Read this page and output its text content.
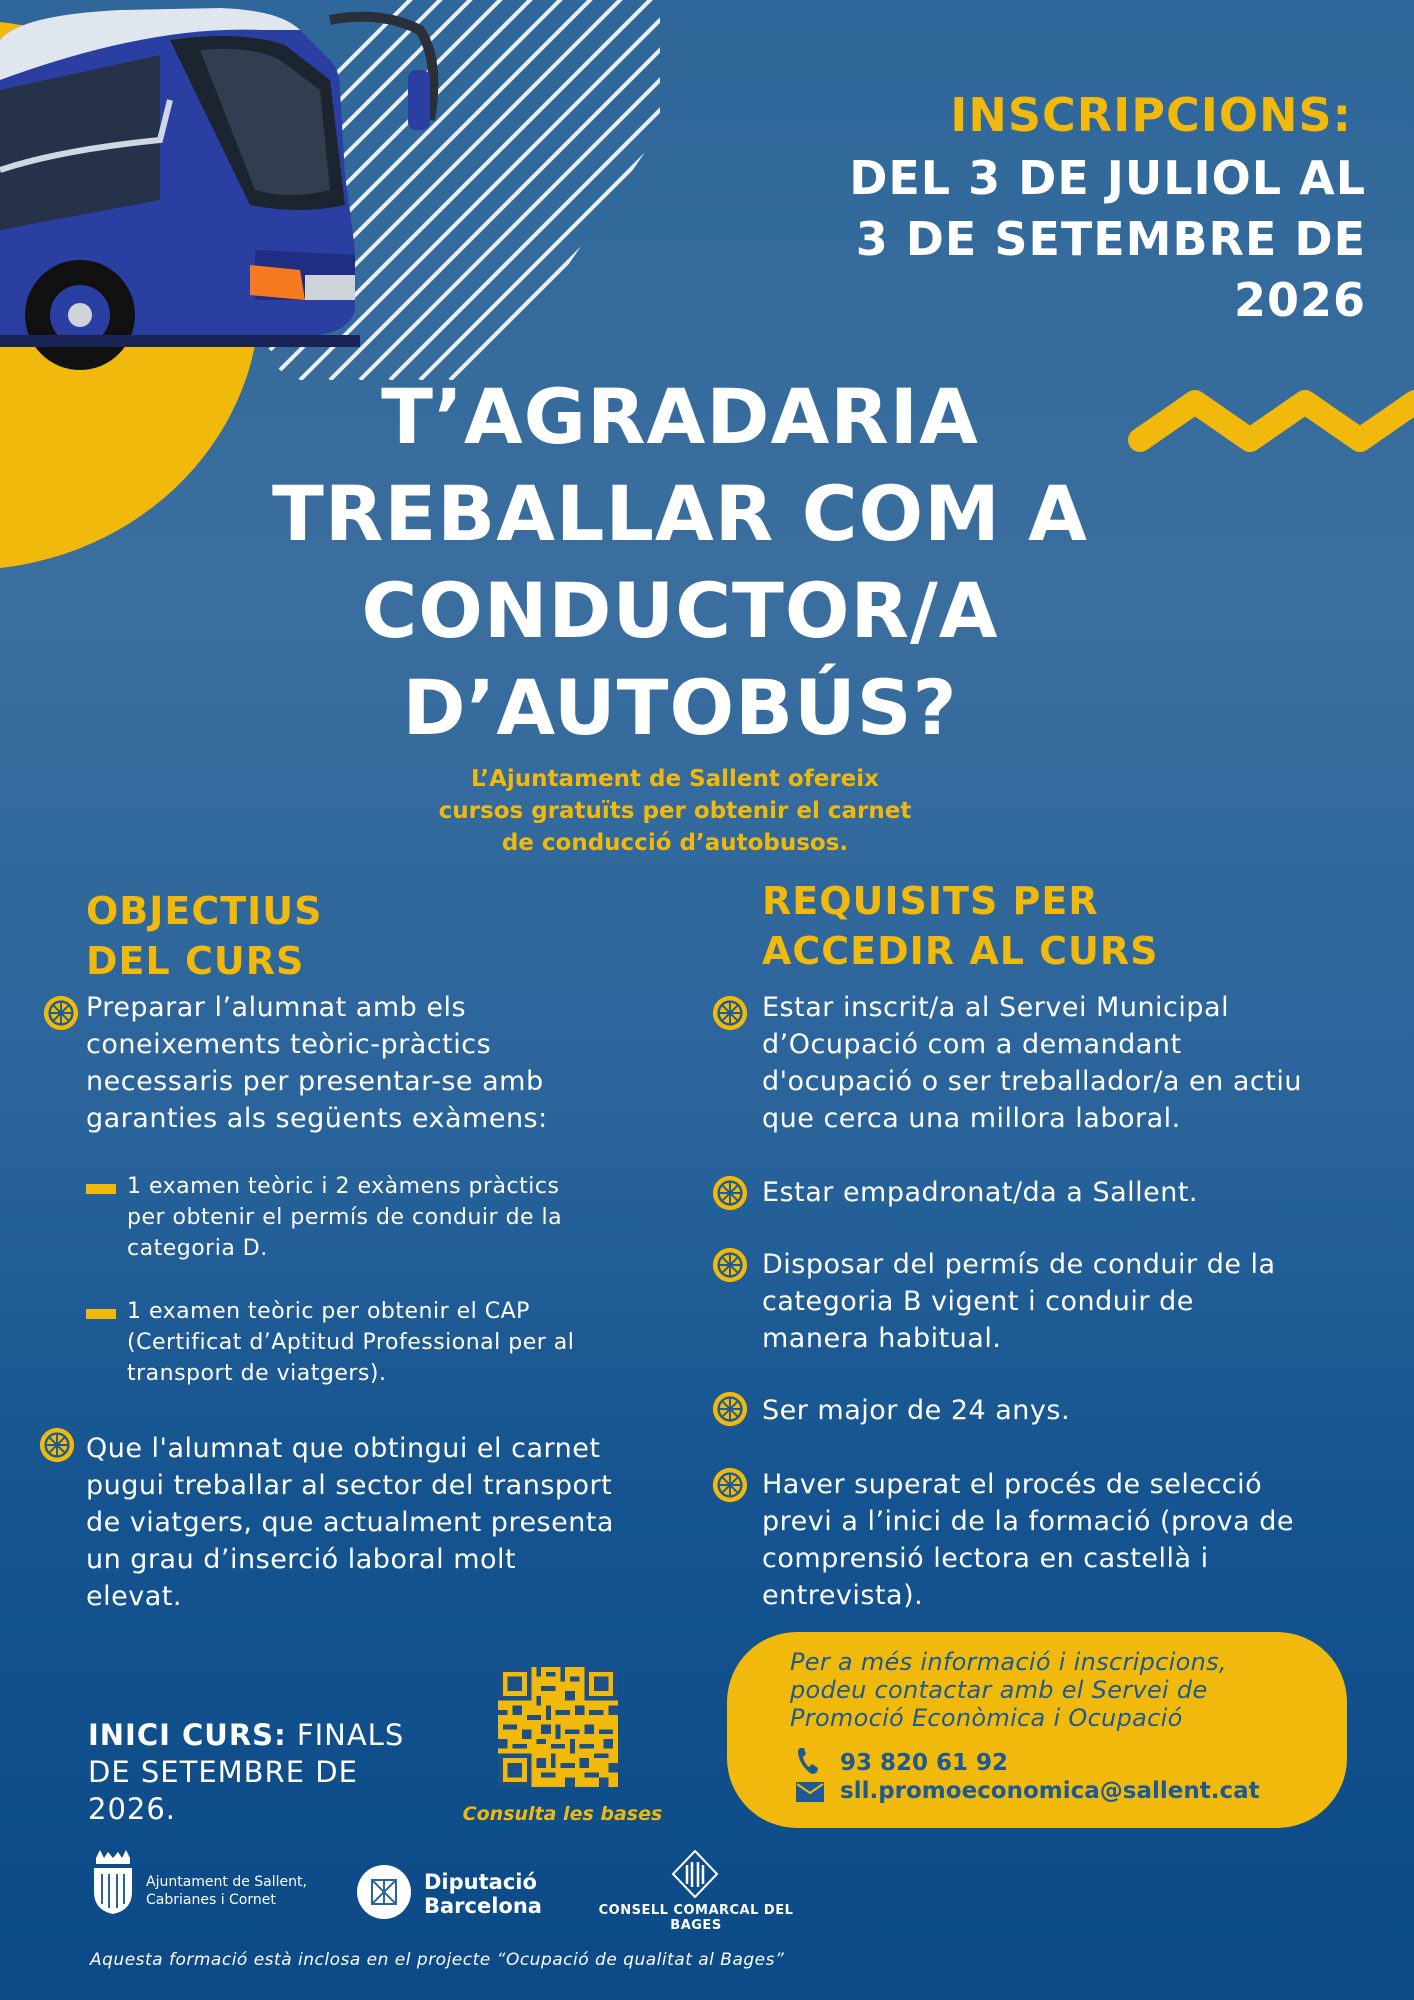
INSCRIPCIONS:
DEL 3 DE JULIOL AL
3 DE SETEMBRE DE
2026
T’AGRADARIA
TREBALLAR COM A
CONDUCTOR/A
D’AUTOBÚS?
L’Ajuntament de Sallent ofereix
cursos gratuïts per obtenir el carnet
de conducció d’autobusos.
OBJECTIUS
DEL CURS
Preparar l’alumnat amb els
coneixements teòric-pràctics
necessaris per presentar-se amb
garanties als següents exàmens:
1 examen teòric i 2 exàmens pràctics
per obtenir el permís de conduir de la
categoria D.
1 examen teòric per obtenir el CAP
(Certificat d’Aptitud Professional per al
transport de viatgers).
Que l'alumnat que obtingui el carnet
pugui treballar al sector del transport
de viatgers, que actualment presenta
un grau d’inserció laboral molt
elevat.
REQUISITS PER
ACCEDIR AL CURS
Estar inscrit/a al Servei Municipal
d’Ocupació com a demandant
d'ocupació o ser treballador/a en actiu
que cerca una millora laboral.
Estar empadronat/da a Sallent.
Disposar del permís de conduir de la
categoria B vigent i conduir de
manera habitual.
Ser major de 24 anys.
Haver superat el procés de selecció
previ a l’inici de la formació (prova de
comprensió lectora en castellà i
entrevista).
INICI CURS: FINALS
DE SETEMBRE DE
2026.	Consulta les bases
Per a més informació i inscripcions,
podeu contactar amb el Servei de
Promoció Econòmica i Ocupació
93 820 61 92
sll.promoeconomica@sallent.cat
Ajuntament de Sallent,
Cabrianes i Cornet
Diputació
Barcelona	CONSELL COMARCAL DEL BAGES
Aquesta formació està inclosa en el projecte “Ocupació de qualitat al Bages”
